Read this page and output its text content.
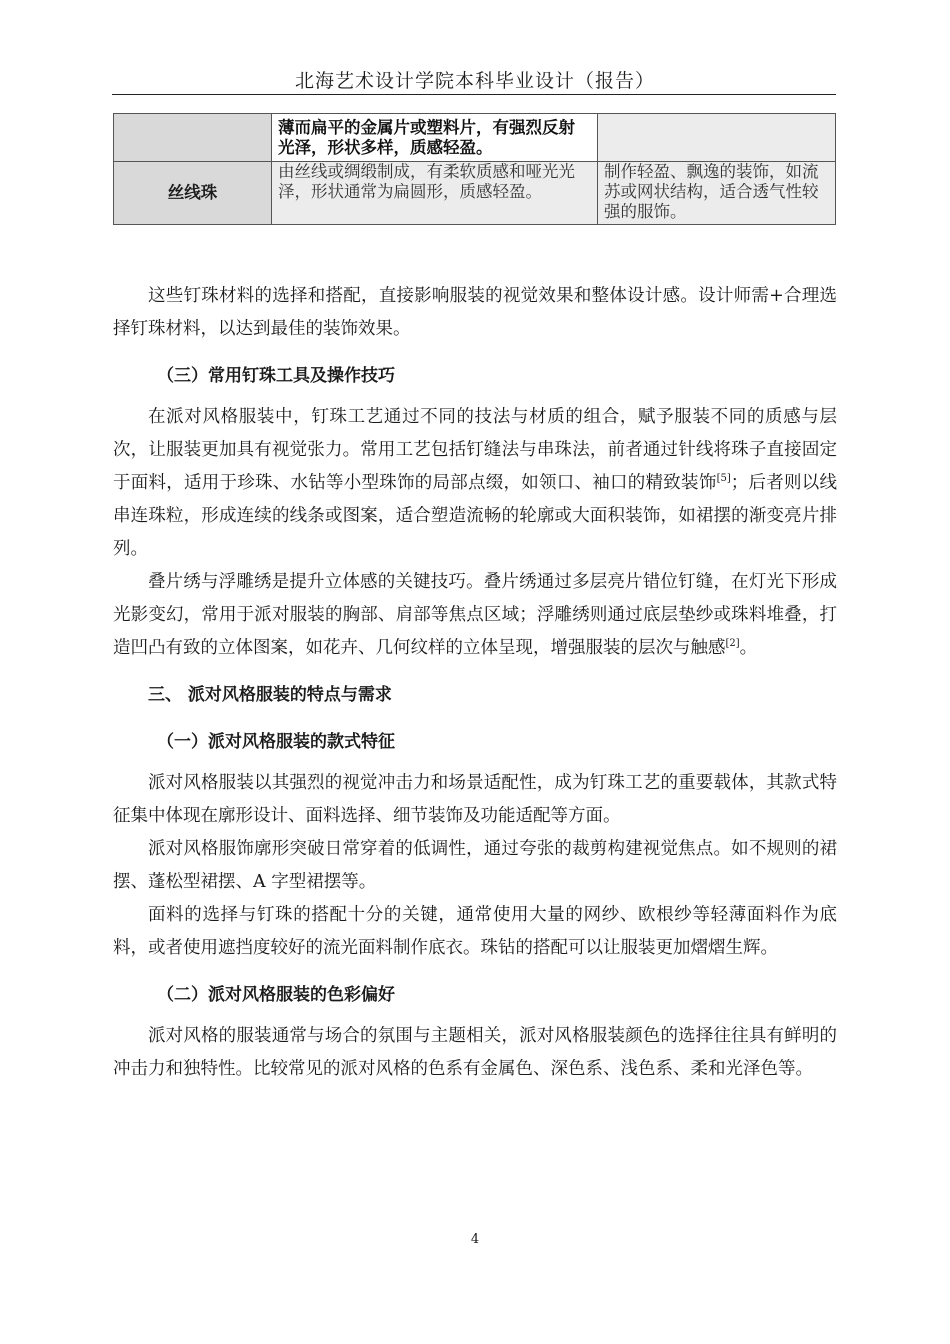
北海艺术设计学院本科毕业设计（报告）
	薄而扁平的金属片或塑料片，有强烈反射光泽，形状多样，质感轻盈。	
丝线珠	由丝线或绸缎制成，有柔软质感和哑光光泽，形状通常为扁圆形，质感轻盈。	制作轻盈、飘逸的装饰，如流苏或网状结构，适合透气性较强的服饰。

这些钉珠材料的选择和搭配，直接影响服装的视觉效果和整体设计感。设计师需+合理选择钉珠材料，以达到最佳的装饰效果。

（三）常用钉珠工具及操作技巧

在派对风格服装中，钉珠工艺通过不同的技法与材质的组合，赋予服装不同的质感与层次，让服装更加具有视觉张力。常用工艺包括钉缝法与串珠法，前者通过针线将珠子直接固定于面料，适用于珍珠、水钻等小型珠饰的局部点缀，如领口、袖口的精致装饰[5]；后者则以线串连珠粒，形成连续的线条或图案，适合塑造流畅的轮廓或大面积装饰，如裙摆的渐变亮片排列。

叠片绣与浮雕绣是提升立体感的关键技巧。叠片绣通过多层亮片错位钉缝，在灯光下形成光影变幻，常用于派对服装的胸部、肩部等焦点区域；浮雕绣则通过底层垫纱或珠料堆叠，打造凹凸有致的立体图案，如花卉、几何纹样的立体呈现，增强服装的层次与触感[2]。

三、 派对风格服装的特点与需求
（一）派对风格服装的款式特征

派对风格服装以其强烈的视觉冲击力和场景适配性，成为钉珠工艺的重要载体，其款式特征集中体现在廓形设计、面料选择、细节装饰及功能适配等方面。

派对风格服饰廓形突破日常穿着的低调性，通过夸张的裁剪构建视觉焦点。如不规则的裙摆、蓬松型裙摆、A 字型裙摆等。

面料的选择与钉珠的搭配十分的关键，通常使用大量的网纱、欧根纱等轻薄面料作为底料，或者使用遮挡度较好的流光面料制作底衣。珠钻的搭配可以让服装更加熠熠生辉。

（二）派对风格服装的色彩偏好

派对风格的服装通常与场合的氛围与主题相关，派对风格服装颜色的选择往往具有鲜明的冲击力和独特性。比较常见的派对风格的色系有金属色、深色系、浅色系、柔和光泽色等。

4
